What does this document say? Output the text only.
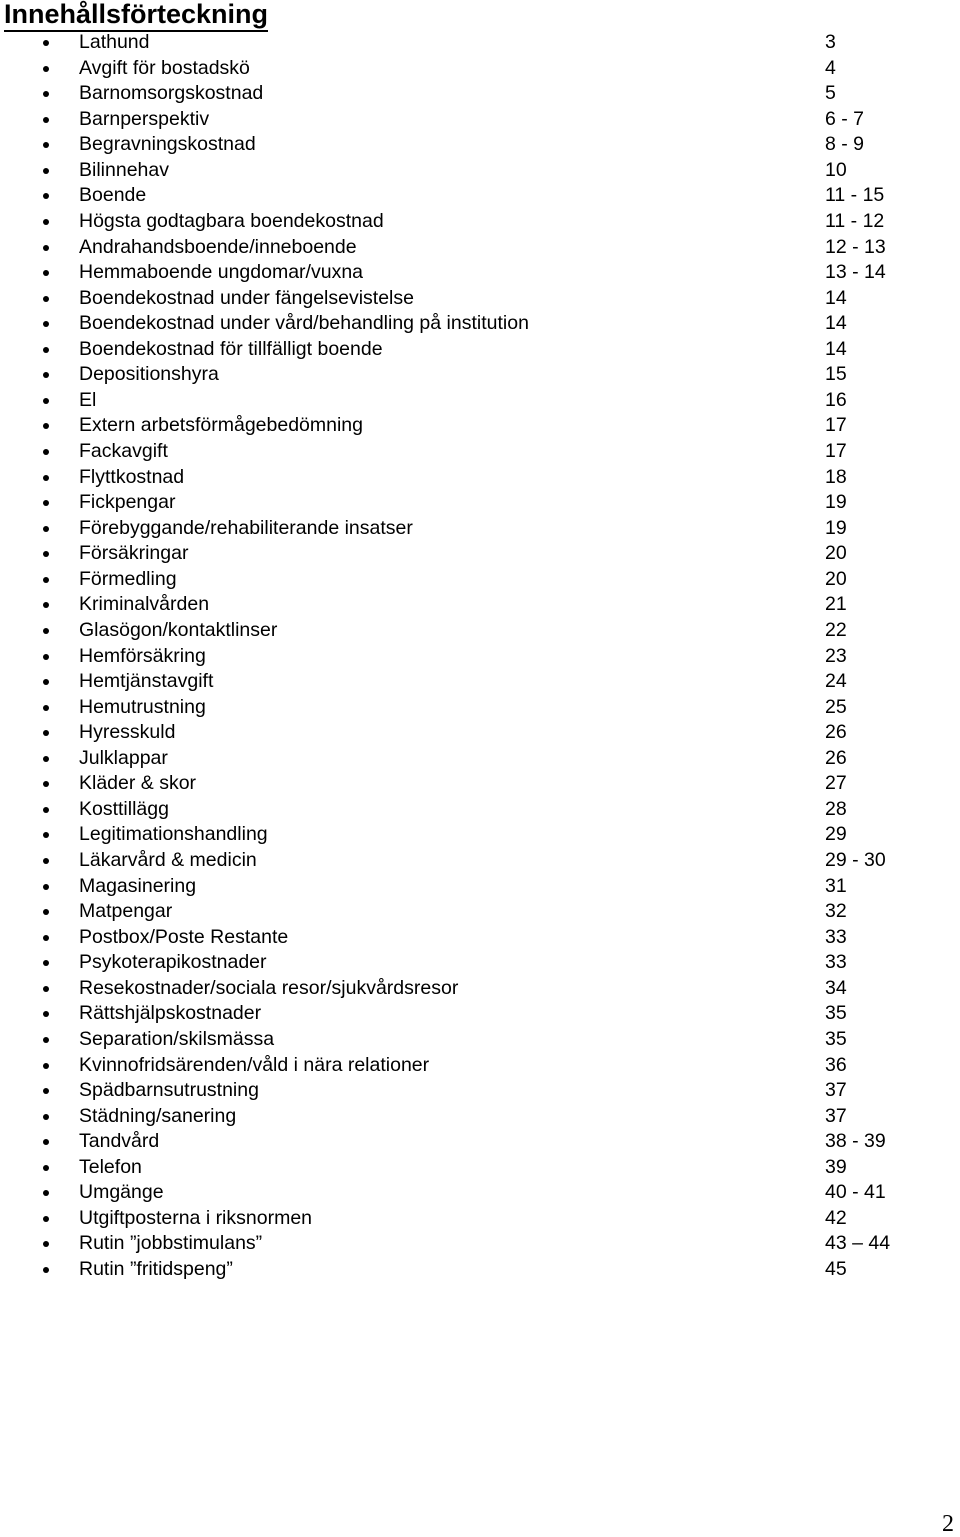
Innehållsförteckning
Lathund	3
Avgift för bostadskö	4
Barnomsorgskostnad	5
Barnperspektiv	6 - 7
Begravningskostnad	8 - 9
Bilinnehav	10
Boende	11 - 15
Högsta godtagbara boendekostnad	11 - 12
Andrahandsboende/inneboende	12 - 13
Hemmaboende ungdomar/vuxna	13 - 14
Boendekostnad under fängelsevistelse	14
Boendekostnad under vård/behandling på institution	14
Boendekostnad för tillfälligt boende	14
Depositionshyra	15
El	16
Extern arbetsförmågebedömning	17
Fackavgift	17
Flyttkostnad	18
Fickpengar	19
Förebyggande/rehabiliterande insatser	19
Försäkringar	20
Förmedling	20
Kriminalvården	21
Glasögon/kontaktlinser	22
Hemförsäkring	23
Hemtjänstavgift	24
Hemutrustning	25
Hyresskuld	26
Julklappar	26
Kläder & skor	27
Kosttillägg	28
Legitimationshandling	29
Läkarvård & medicin	29 - 30
Magasinering	31
Matpengar	32
Postbox/Poste Restante	33
Psykoterapikostnader	33
Resekostnader/sociala resor/sjukvårdsresor	34
Rättshjälpskostnader	35
Separation/skilsmässa	35
Kvinnofridsärenden/våld i nära relationer	36
Spädbarnsutrustning	37
Städning/sanering	37
Tandvård	38 - 39
Telefon	39
Umgänge	40 - 41
Utgiftposterna i riksnormen	42
Rutin ”jobbstimulans”	43 – 44
Rutin ”fritidspeng”	45
2
